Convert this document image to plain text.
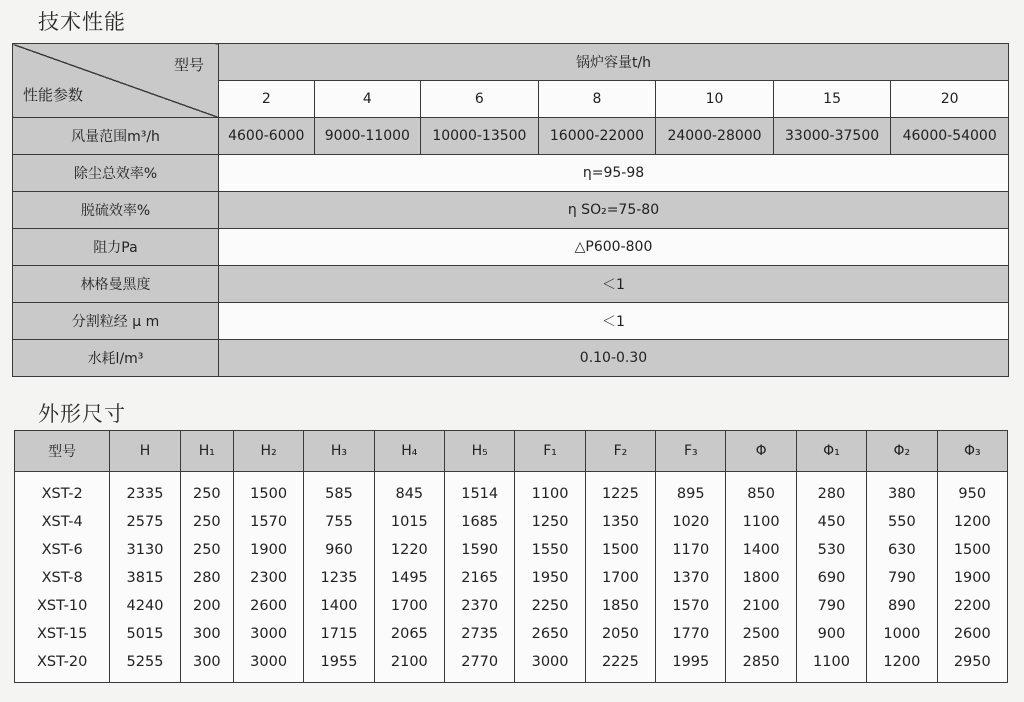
技术性能
型号
性能参数	锅炉容量t/h						
	2	4	6	8	10	15	20
风量范围m³/h	4600-6000	9000-11000	10000-13500	16000-22000	24000-28000	33000-37500	46000-54000
除尘总效率%	η=95-98						
脱硫效率%	η SO₂=75-80						
阻力Pa	△P600-800						
林格曼黑度	＜1						
分割粒经 μ m	＜1						
水耗l/m³	0.10-0.30						
外形尺寸
型号	H	H₁	H₂	H₃	H₄	H₅	F₁	F₂	F₃	Φ	Φ₁	Φ₂	Φ₃
XST-2	2335	250	1500	585	845	1514	1100	1225	895	850	280	380	950
XST-4	2575	250	1570	755	1015	1685	1250	1350	1020	1100	450	550	1200
XST-6	3130	250	1900	960	1220	1590	1550	1500	1170	1400	530	630	1500
XST-8	3815	280	2300	1235	1495	2165	1950	1700	1370	1800	690	790	1900
XST-10	4240	200	2600	1400	1700	2370	2250	1850	1570	2100	790	890	2200
XST-15	5015	300	3000	1715	2065	2735	2650	2050	1770	2500	900	1000	2600
XST-20	5255	300	3000	1955	2100	2770	3000	2225	1995	2850	1100	1200	2950
